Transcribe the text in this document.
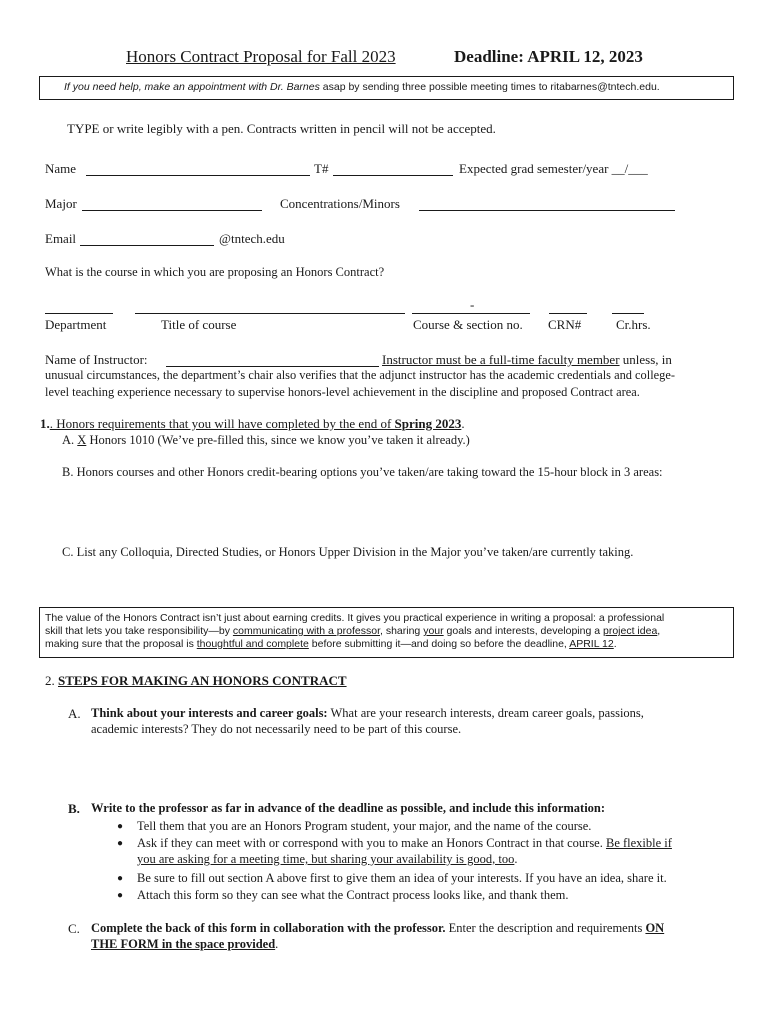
Honors Contract Proposal for Fall 2023	Deadline: APRIL 12, 2023
If you need help, make an appointment with Dr. Barnes asap by sending three possible meeting times to ritabarnes@tntech.edu.
TYPE or write legibly with a pen. Contracts written in pencil will not be accepted.
Name	T#	Expected grad semester/year __/___
Major	Concentrations/Minors
Email	@tntech.edu
What is the course in which you are proposing an Honors Contract?
-
Department	Title of course	Course & section no. CRN#	Cr.hrs.
Name of Instructor:	Instructor must be a full-time faculty member unless, in
unusual circumstances, the department’s chair also verifies that the adjunct instructor has the academic credentials and college-
level teaching experience necessary to supervise honors-level achievement in the discipline and proposed Contract area.
1.. Honors requirements that you will have completed by the end of Spring 2023.
A. X Honors 1010 (We’ve pre-filled this, since we know you’ve taken it already.)
B. Honors courses and other Honors credit-bearing options you’ve taken/are taking toward the 15-hour block in 3 areas:
C. List any Colloquia, Directed Studies, or Honors Upper Division in the Major you’ve taken/are currently taking.
The value of the Honors Contract isn’t just about earning credits. It gives you practical experience in writing a proposal: a professional
skill that lets you take responsibility—by communicating with a professor, sharing your goals and interests, developing a project idea,
making sure that the proposal is thoughtful and complete before submitting it—and doing so before the deadline, APRIL 12.
2. STEPS FOR MAKING AN HONORS CONTRACT
A. Think about your interests and career goals: What are your research interests, dream career goals, passions,
academic interests? They do not necessarily need to be part of this course.
B. Write to the professor as far in advance of the deadline as possible, and include this information:
● Tell them that you are an Honors Program student, your major, and the name of the course.
● Ask if they can meet with or correspond with you to make an Honors Contract in that course. Be flexible if
you are asking for a meeting time, but sharing your availability is good, too.
● Be sure to fill out section A above first to give them an idea of your interests. If you have an idea, share it.
● Attach this form so they can see what the Contract process looks like, and thank them.
C. Complete the back of this form in collaboration with the professor. Enter the description and requirements ON
THE FORM in the space provided.
